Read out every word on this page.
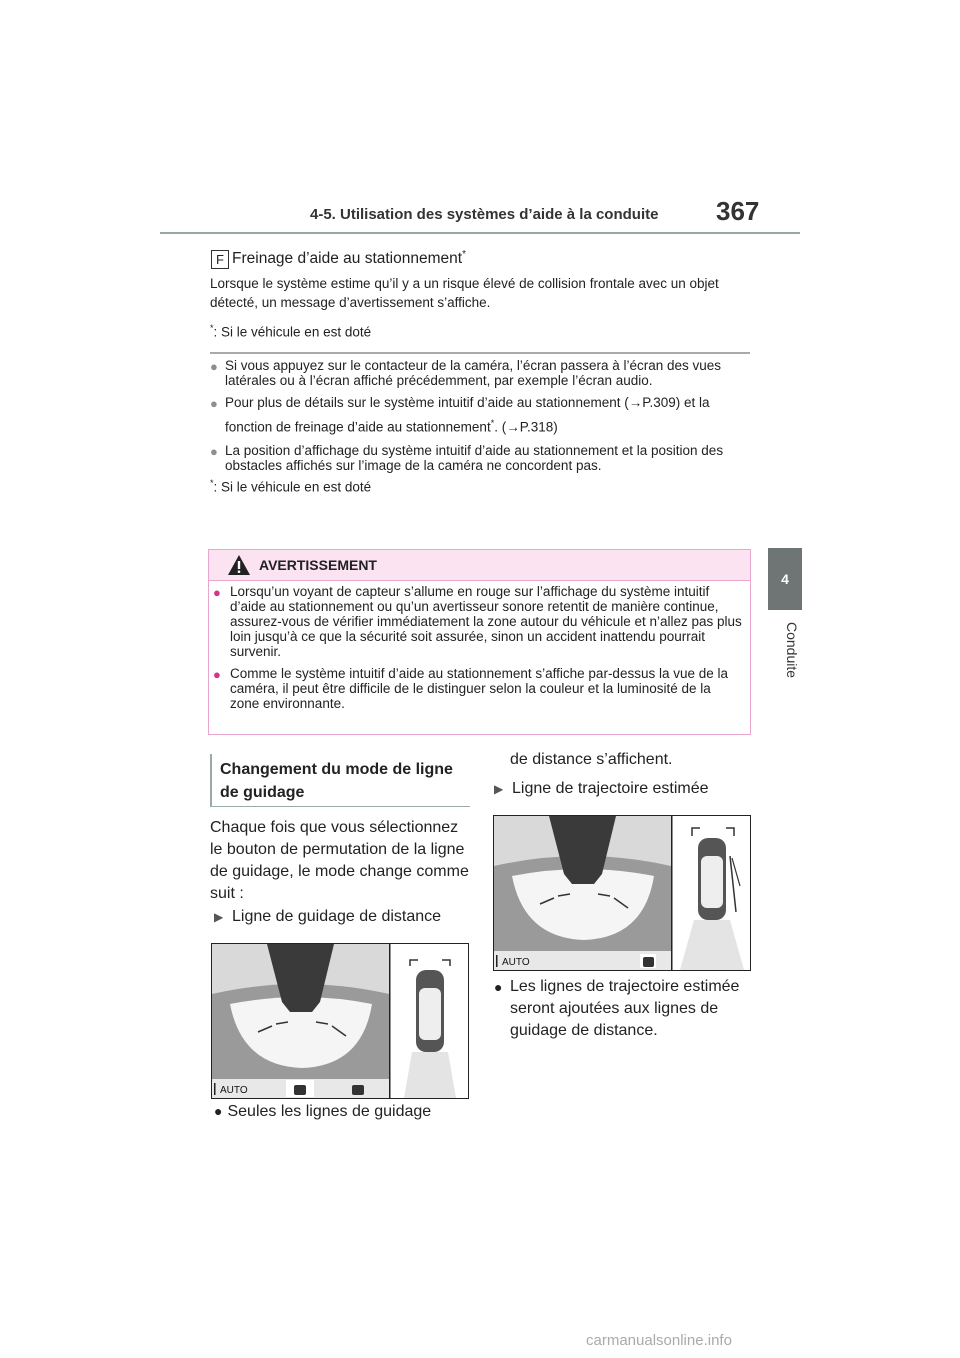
4-5. Utilisation des systèmes d’aide à la conduite 367
4
Conduite
F Freinage d’aide au stationnement*
Lorsque le système estime qu’il y a un risque élevé de collision frontale avec un objet détecté, un message d’avertissement s’affiche.
*: Si le véhicule en est doté
● Si vous appuyez sur le contacteur de la caméra, l’écran passera à l’écran des vues latérales ou à l’écran affiché précédemment, par exemple l’écran audio.
● Pour plus de détails sur le système intuitif d’aide au stationnement (→P.309) et la fonction de freinage d’aide au stationnement*. (→P.318)
● La position d’affichage du système intuitif d’aide au stationnement et la position des obstacles affichés sur l’image de la caméra ne concordent pas.
*: Si le véhicule en est doté
AVERTISSEMENT
● Lorsqu’un voyant de capteur s’allume en rouge sur l’affichage du système intuitif d’aide au stationnement ou qu’un avertisseur sonore retentit de manière continue, assurez-vous de vérifier immédiatement la zone autour du véhicule et n’allez pas plus loin jusqu’à ce que la sécurité soit assurée, sinon un accident inattendu pourrait survenir.
● Comme le système intuitif d’aide au stationnement s’affiche par-dessus la vue de la caméra, il peut être difficile de le distinguer selon la couleur et la luminosité de la zone environnante.
Changement du mode de ligne de guidage
Chaque fois que vous sélectionnez le bouton de permutation de la ligne de guidage, le mode change comme suit :
▶ Ligne de guidage de distance
AUTO
● Seules les lignes de guidage
de distance s’affichent.
▶ Ligne de trajectoire estimée
AUTO
● Les lignes de trajectoire estimée seront ajoutées aux lignes de guidage de distance.
carmanualsonline.info
